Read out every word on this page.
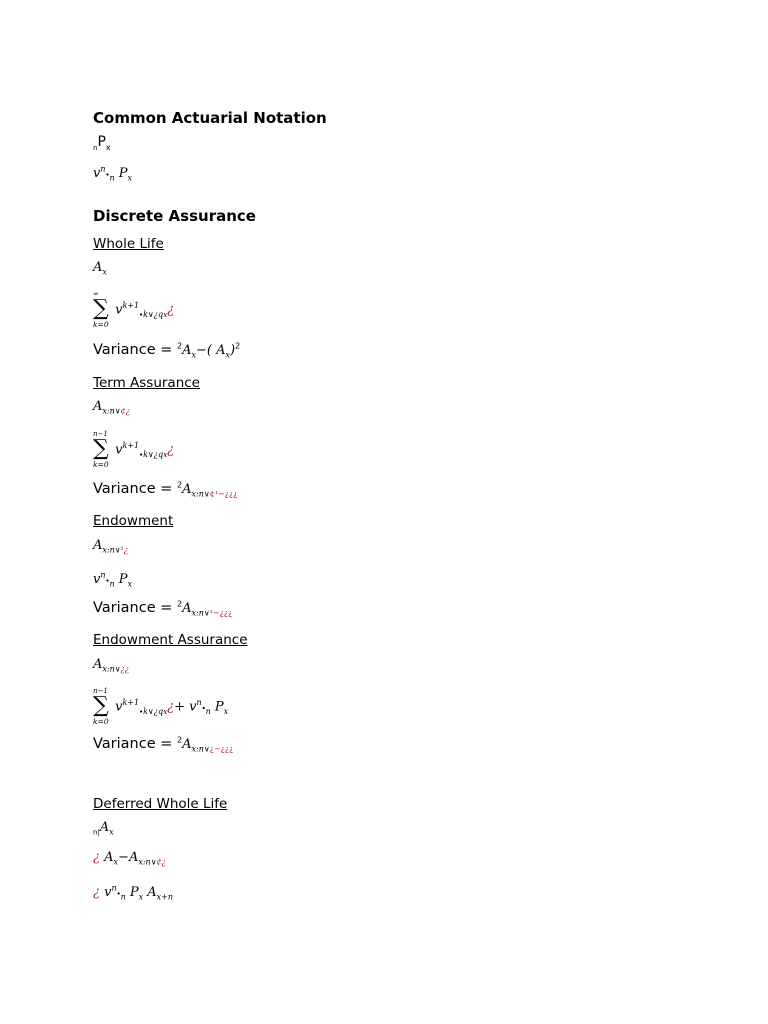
Common Actuarial Notation
$_nP_x$
$v^n\cdot_n$ $P_x$
Discrete Assurance
Whole Life
$A_x$
∞
∑
k=0
$v^{k+1}_{\cdot k\vee¿qx}¿$
Variance = $^2A_x-$( $A_x)^2$
Term Assurance
$A_{x:n\vee¢¿}$
n−1
∑
k=0
$v^{k+1}_{\cdot k\vee¿qx}¿$
Variance = $^2A_{x:n\vee¢^1-¿¿¿}$
Endowment
$A_{x:n\vee^1¿}$
$v^n\cdot_n$ $P_x$
Variance = $^2A_{x:n\vee^1-¿¿¿}$
Endowment Assurance
$A_{x:n\vee¿¿}$
n−1
∑
k=0
$v^{k+1}_{\cdot k\vee¿qx}¿+ v^n\cdot_n$ $P_x$
Variance = $^2A_{x:n\vee¿-¿¿¿}$
Deferred Whole Life
$_{n|}A_x$
¿ $A_x-A_{x:n\vee¢¿}$
¿ $v^n\cdot_n$ $P_x$ $A_{x+n}$
